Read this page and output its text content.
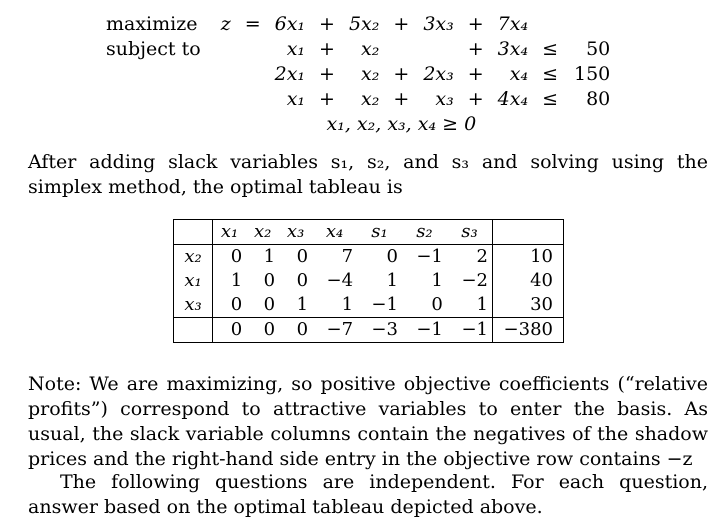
maximize	z	=	6x₁	+	5x₂	+	3x₃	+	7x₄		
subject to			x₁	+	x₂			+	3x₄	≤	50
			2x₁	+	x₂	+	2x₃	+	x₄	≤	150
			x₁	+	x₂	+	x₃	+	4x₄	≤	80
			x₁, x₂, x₃, x₄ ≥ 0								

After adding slack variables s₁, s₂, and s₃ and solving using the simplex method, the optimal tableau is

	x₁	x₂	x₃	x₄	s₁	s₂	s₃	
x₂	0	1	0	7	0	−1	2	10
x₁	1	0	0	−4	1	1	−2	40
x₃	0	0	1	1	−1	0	1	30
	0	0	0	−7	−3	−1	−1	−380

Note: We are maximizing, so positive objective coefficients (“relative profits”) correspond to attractive variables to enter the basis. As usual, the slack variable columns contain the negatives of the shadow prices and the right-hand side entry in the objective row contains −z

The following questions are independent. For each question, answer based on the optimal tableau depicted above.
